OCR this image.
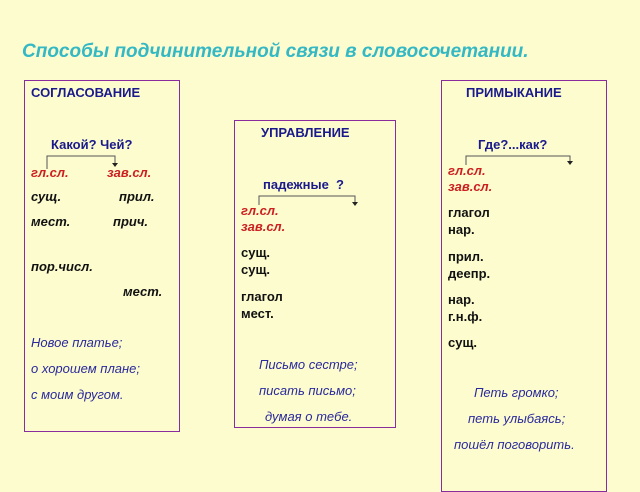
Способы подчинительной связи в словосочетании.
СОГЛАСОВАНИЕ
Какой? Чей?
гл.сл.	зав.сл.
сущ.	прил.
мест.	прич.
пор.числ.
мест.
Новое платье;
о хорошем плане;
с моим другом.
УПРАВЛЕНИЕ
падежные  ?
гл.сл.
зав.сл.
сущ.
сущ.
глагол
мест.
Письмо сестре;
писать письмо;
думая о тебе.
ПРИМЫКАНИЕ
Где?...как?
гл.сл.
зав.сл.
глагол
нар.
прил.
деепр.
нар.
г.н.ф.
сущ.
Петь громко;
петь улыбаясь;
пошёл поговорить.
